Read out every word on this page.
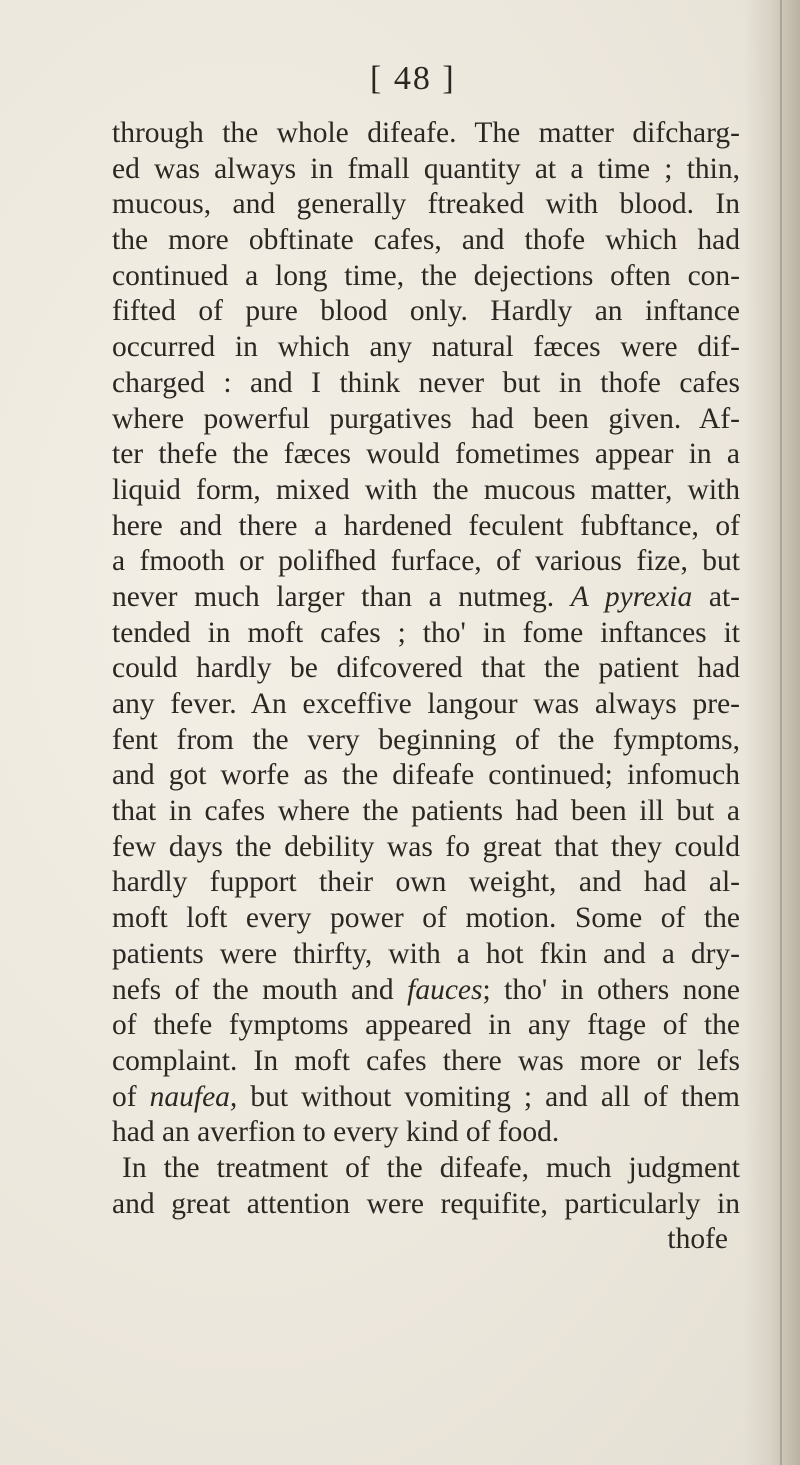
[ 48 ]
through the whole difeafe. The matter difcharg-
ed was always in fmall quantity at a time ; thin,
mucous, and generally ftreaked with blood. In
the more obftinate cafes, and thofe which had
continued a long time, the dejections often con-
fifted of pure blood only. Hardly an inftance
occurred in which any natural fæces were dif-
charged : and I think never but in thofe cafes
where powerful purgatives had been given. Af-
ter thefe the fæces would fometimes appear in a
liquid form, mixed with the mucous matter, with
here and there a hardened feculent fubftance, of
a fmooth or polifhed furface, of various fize, but
never much larger than a nutmeg. A pyrexia at-
tended in moft cafes ; tho' in fome inftances it
could hardly be difcovered that the patient had
any fever. An exceffive langour was always pre-
fent from the very beginning of the fymptoms,
and got worfe as the difeafe continued; infomuch
that in cafes where the patients had been ill but a
few days the debility was fo great that they could
hardly fupport their own weight, and had al-
moft loft every power of motion. Some of the
patients were thirfty, with a hot fkin and a dry-
nefs of the mouth and fauces; tho' in others none
of thefe fymptoms appeared in any ftage of the
complaint. In moft cafes there was more or lefs
of naufea, but without vomiting ; and all of them
had an averfion to every kind of food.
In the treatment of the difeafe, much judgment
and great attention were requifite, particularly in
thofe
